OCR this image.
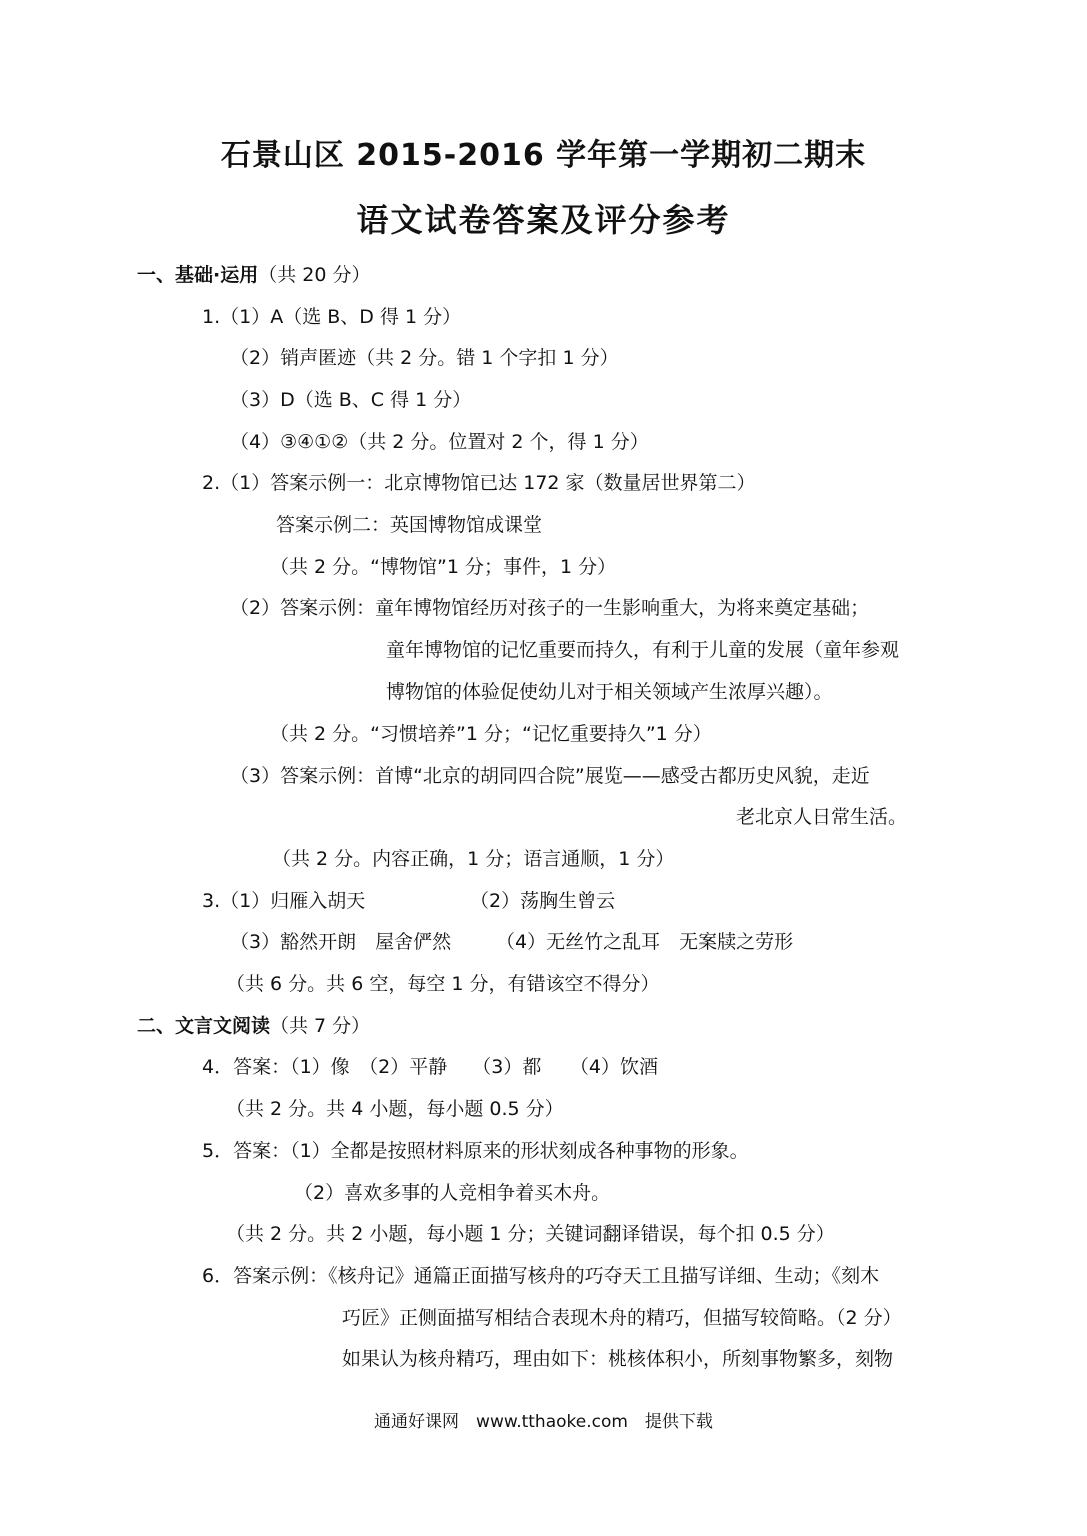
石景山区 2015-2016 学年第一学期初二期末
语文试卷答案及评分参考
一、基础·运用（共 20 分）
1.（1）A（选 B、D 得 1 分）
（2）销声匿迹（共 2 分。错 1 个字扣 1 分）
（3）D（选 B、C 得 1 分）
（4）③④①②（共 2 分。位置对 2 个，得 1 分）
2.（1）答案示例一：北京博物馆已达 172 家（数量居世界第二）
答案示例二：英国博物馆成课堂
（共 2 分。“博物馆”1 分；事件，1 分）
（2）答案示例：童年博物馆经历对孩子的一生影响重大，为将来奠定基础；
童年博物馆的记忆重要而持久，有利于儿童的发展（童年参观
博物馆的体验促使幼儿对于相关领域产生浓厚兴趣）。
（共 2 分。“习惯培养”1 分；“记忆重要持久”1 分）
（3）答案示例：首博“北京的胡同四合院”展览——感受古都历史风貌，走近
老北京人日常生活。
（共 2 分。内容正确，1 分；语言通顺，1 分）
3.（1）归雁入胡天	（2）荡胸生曾云
（3）豁然开朗　屋舍俨然 （4）无丝竹之乱耳　无案牍之劳形
（共 6 分。共 6 空，每空 1 分，有错该空不得分）
二、文言文阅读（共 7 分）
4．答案：（1）像　（2）平静　 （3）都　　（4）饮酒
（共 2 分。共 4 小题，每小题 0.5 分）
5．答案：（1）全都是按照材料原来的形状刻成各种事物的形象。
（2）喜欢多事的人竞相争着买木舟。
（共 2 分。共 2 小题，每小题 1 分；关键词翻译错误，每个扣 0.5 分）
6．答案示例：《核舟记》通篇正面描写核舟的巧夺天工且描写详细、生动；《刻木
巧匠》正侧面描写相结合表现木舟的精巧，但描写较简略。（2 分）
如果认为核舟精巧，理由如下：桃核体积小，所刻事物繁多，刻物
通通好课网　www.tthaoke.com　提供下载
